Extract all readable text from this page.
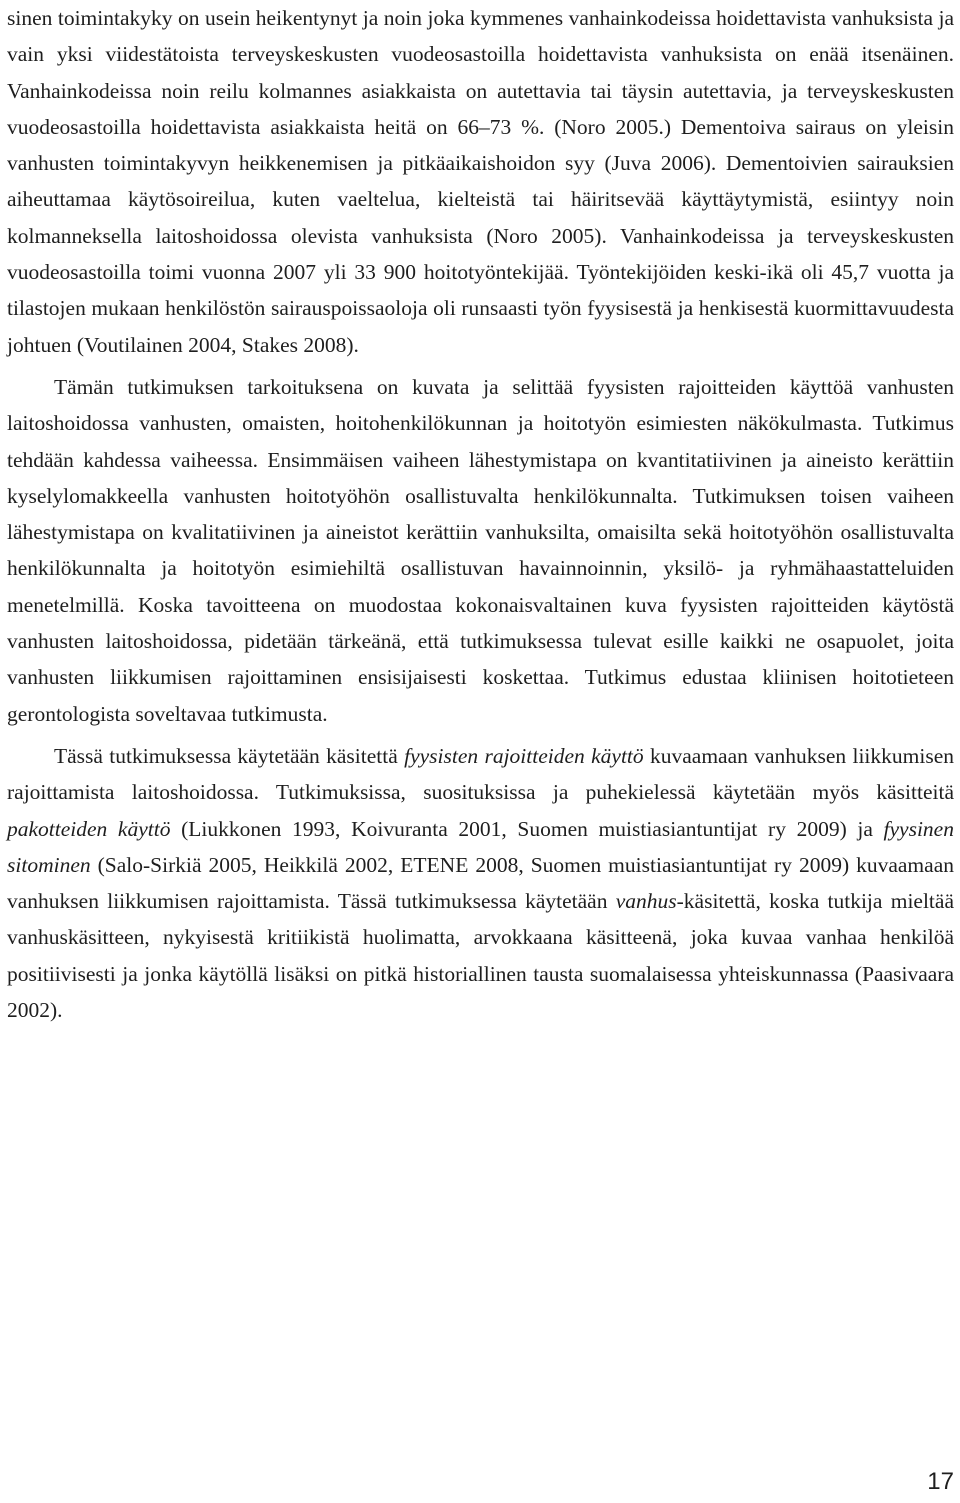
sinen toimintakyky on usein heikentynyt ja noin joka kymmenes vanhainkodeissa hoidettavista vanhuksista ja vain yksi viidestätoista terveyskeskusten vuodeosastoilla hoidettavista vanhuksista on enää itsenäinen. Vanhainkodeissa noin reilu kolmannes asiakkaista on autettavia tai täysin autettavia, ja terveyskeskusten vuodeosastoilla hoidettavista asiakkaista heitä on 66–73 %. (Noro 2005.) Dementoiva sairaus on yleisin vanhusten toimintakyvyn heikkenemisen ja pitkäaikaishoidon syy (Juva 2006). Dementoivien sairauksien aiheuttamaa käytösoireilua, kuten vaeltelua, kielteistä tai häiritsevää käyttäytymistä, esiintyy noin kolmanneksella laitoshoidossa olevista vanhuksista (Noro 2005). Vanhainkodeissa ja terveyskeskusten vuodeosastoilla toimi vuonna 2007 yli 33 900 hoitotyöntekijää. Työntekijöiden keski-ikä oli 45,7 vuotta ja tilastojen mukaan henkilöstön sairauspoissaoloja oli runsaasti työn fyysisestä ja henkisestä kuormittavuudesta johtuen (Voutilainen 2004, Stakes 2008).

Tämän tutkimuksen tarkoituksena on kuvata ja selittää fyysisten rajoitteiden käyttöä vanhusten laitoshoidossa vanhusten, omaisten, hoitohenkilökunnan ja hoitotyön esimiesten näkökulmasta. Tutkimus tehdään kahdessa vaiheessa. Ensimmäisen vaiheen lähestymistapa on kvantitatiivinen ja aineisto kerättiin kyselylomakkeella vanhusten hoitotyöhön osallistuvalta henkilökunnalta. Tutkimuksen toisen vaiheen lähestymistapa on kvalitatiivinen ja aineistot kerättiin vanhuksilta, omaisilta sekä hoitotyöhön osallistuvalta henkilökunnalta ja hoitotyön esimiehiltä osallistuvan havainnoinnin, yksilö- ja ryhmähaastatteluiden menetelmillä. Koska tavoitteena on muodostaa kokonaisvaltainen kuva fyysisten rajoitteiden käytöstä vanhusten laitoshoidossa, pidetään tärkeänä, että tutkimuksessa tulevat esille kaikki ne osapuolet, joita vanhusten liikkumisen rajoittaminen ensisijaisesti koskettaa. Tutkimus edustaa kliinisen hoitotieteen gerontologista soveltavaa tutkimusta.

Tässä tutkimuksessa käytetään käsitettä fyysisten rajoitteiden käyttö kuvaamaan vanhuksen liikkumisen rajoittamista laitoshoidossa. Tutkimuksissa, suosituksissa ja puhekielessä käytetään myös käsitteitä pakotteiden käyttö (Liukkonen 1993, Koivuranta 2001, Suomen muistiasiantuntijat ry 2009) ja fyysinen sitominen (Salo-Sirkiä 2005, Heikkilä 2002, ETENE 2008, Suomen muistiasiantuntijat ry 2009) kuvaamaan vanhuksen liikkumisen rajoittamista. Tässä tutkimuksessa käytetään vanhus-käsitettä, koska tutkija mieltää vanhuskäsitteen, nykyisestä kritiikistä huolimatta, arvokkaana käsitteenä, joka kuvaa vanhaa henkilöä positiivisesti ja jonka käytöllä lisäksi on pitkä historiallinen tausta suomalaisessa yhteiskunnassa (Paasivaara 2002).

17
